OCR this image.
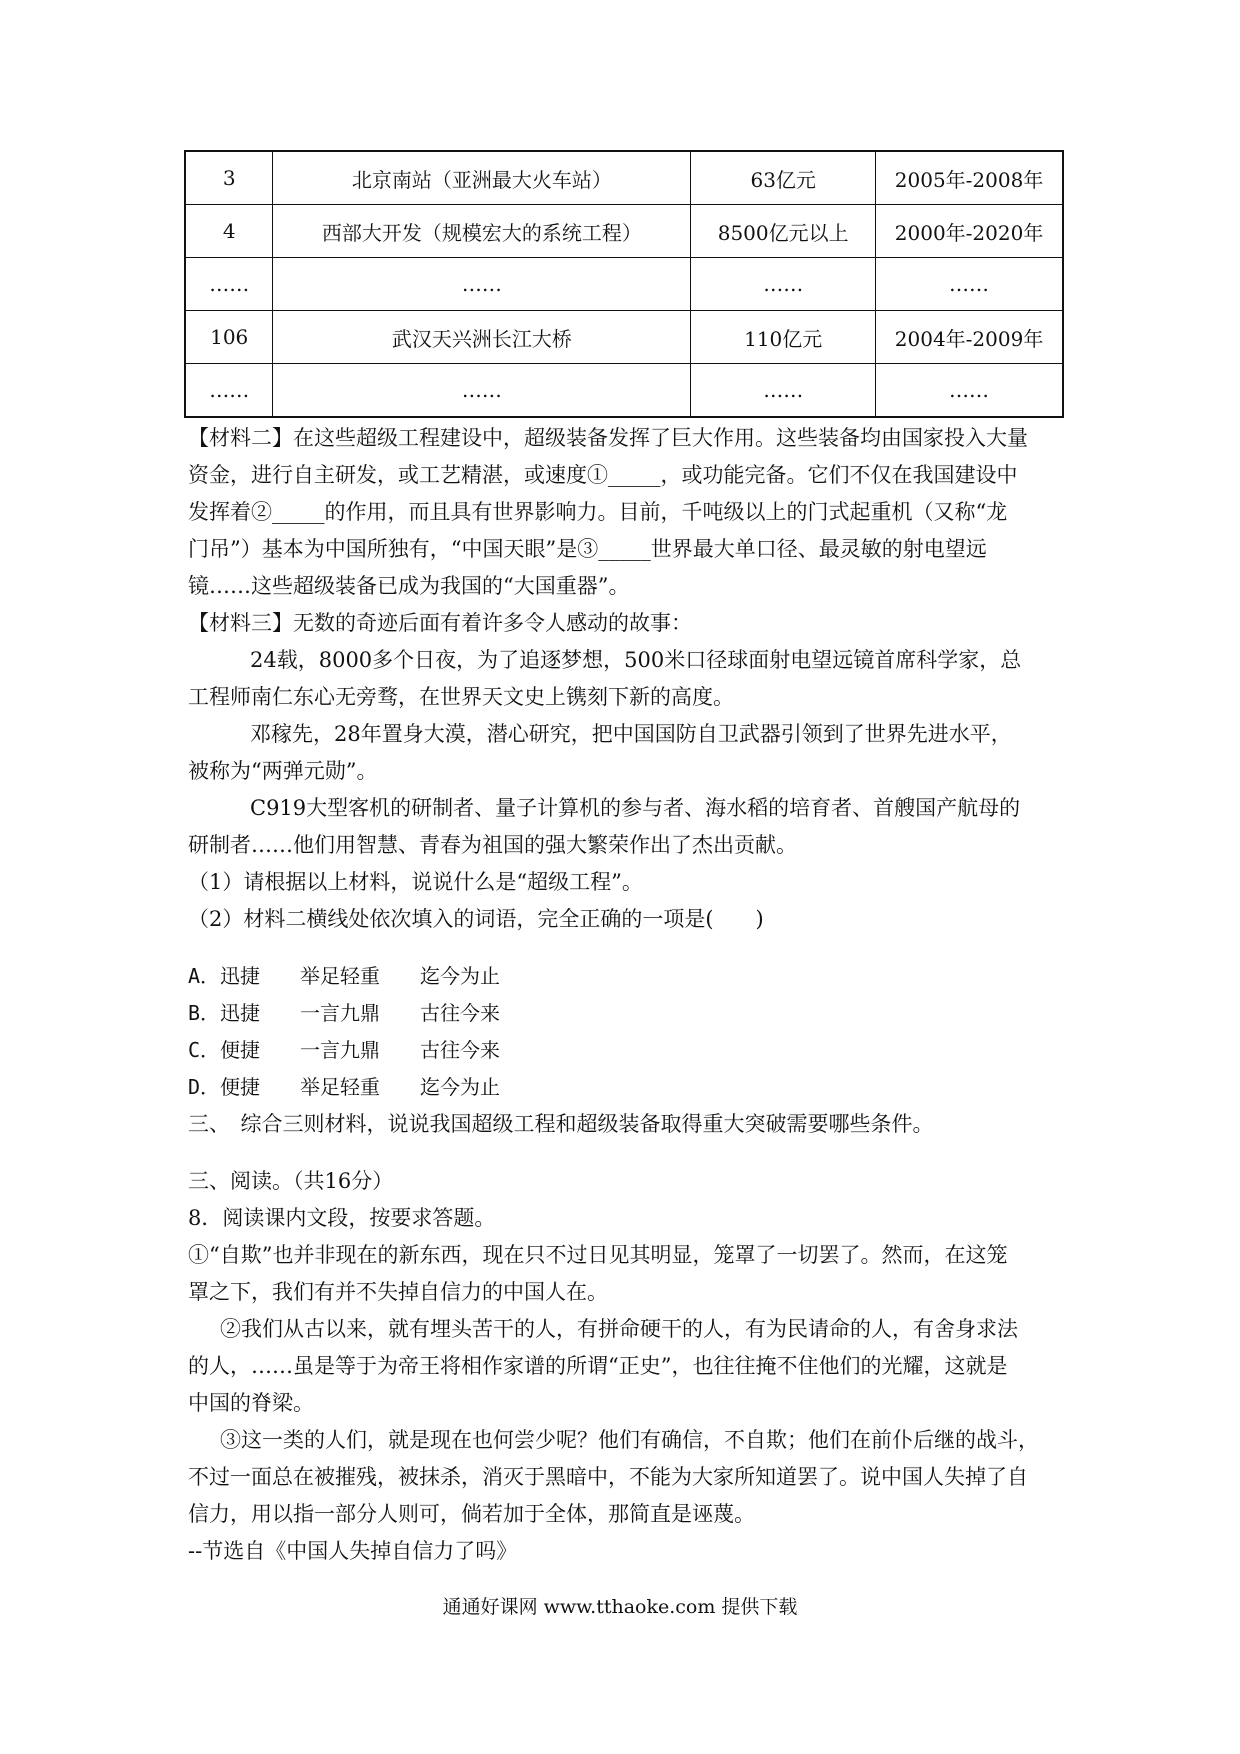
3	北京南站（亚洲最大火车站）	63亿元	2005年-2008年
4	西部大开发（规模宏大的系统工程）	8500亿元以上	2000年-2020年
……	……	……	……
106	武汉天兴洲长江大桥	110亿元	2004年-2009年
……	……	……	……
【材料二】在这些超级工程建设中，超级装备发挥了巨大作用。这些装备均由国家投入大量
资金，进行自主研发，或工艺精湛，或速度①_____，或功能完备。它们不仅在我国建设中
发挥着②_____的作用，而且具有世界影响力。目前，千吨级以上的门式起重机（又称“龙
门吊”）基本为中国所独有，“中国天眼”是③_____世界最大单口径、最灵敏的射电望远
镜……这些超级装备已成为我国的“大国重器”。
【材料三】无数的奇迹后面有着许多令人感动的故事：
24载，8000多个日夜，为了追逐梦想，500米口径球面射电望远镜首席科学家，总
工程师南仁东心无旁骛，在世界天文史上镌刻下新的高度。
邓稼先，28年置身大漠，潜心研究，把中国国防自卫武器引领到了世界先进水平，
被称为“两弹元勋”。
C919大型客机的研制者、量子计算机的参与者、海水稻的培育者、首艘国产航母的
研制者……他们用智慧、青春为祖国的强大繁荣作出了杰出贡献。
（1）请根据以上材料，说说什么是“超级工程”。
（2）材料二横线处依次填入的词语，完全正确的一项是(　　)
A．迅捷 举足轻重 迄今为止
B．迅捷 一言九鼎 古往今来
C．便捷 一言九鼎 古往今来
D．便捷 举足轻重 迄今为止
三、　综合三则材料，说说我国超级工程和超级装备取得重大突破需要哪些条件。
三、阅读。（共16分）
8．阅读课内文段，按要求答题。
①“自欺”也并非现在的新东西，现在只不过日见其明显，笼罩了一切罢了。然而，在这笼
罩之下，我们有并不失掉自信力的中国人在。
②我们从古以来，就有埋头苦干的人，有拼命硬干的人，有为民请命的人，有舍身求法
的人，……虽是等于为帝王将相作家谱的所谓“正史”，也往往掩不住他们的光耀，这就是
中国的脊梁。
③这一类的人们，就是现在也何尝少呢？他们有确信，不自欺；他们在前仆后继的战斗，
不过一面总在被摧残，被抹杀，消灭于黑暗中，不能为大家所知道罢了。说中国人失掉了自
信力，用以指一部分人则可，倘若加于全体，那简直是诬蔑。
--节选自《中国人失掉自信力了吗》
通通好课网 www.tthaoke.com 提供下载
